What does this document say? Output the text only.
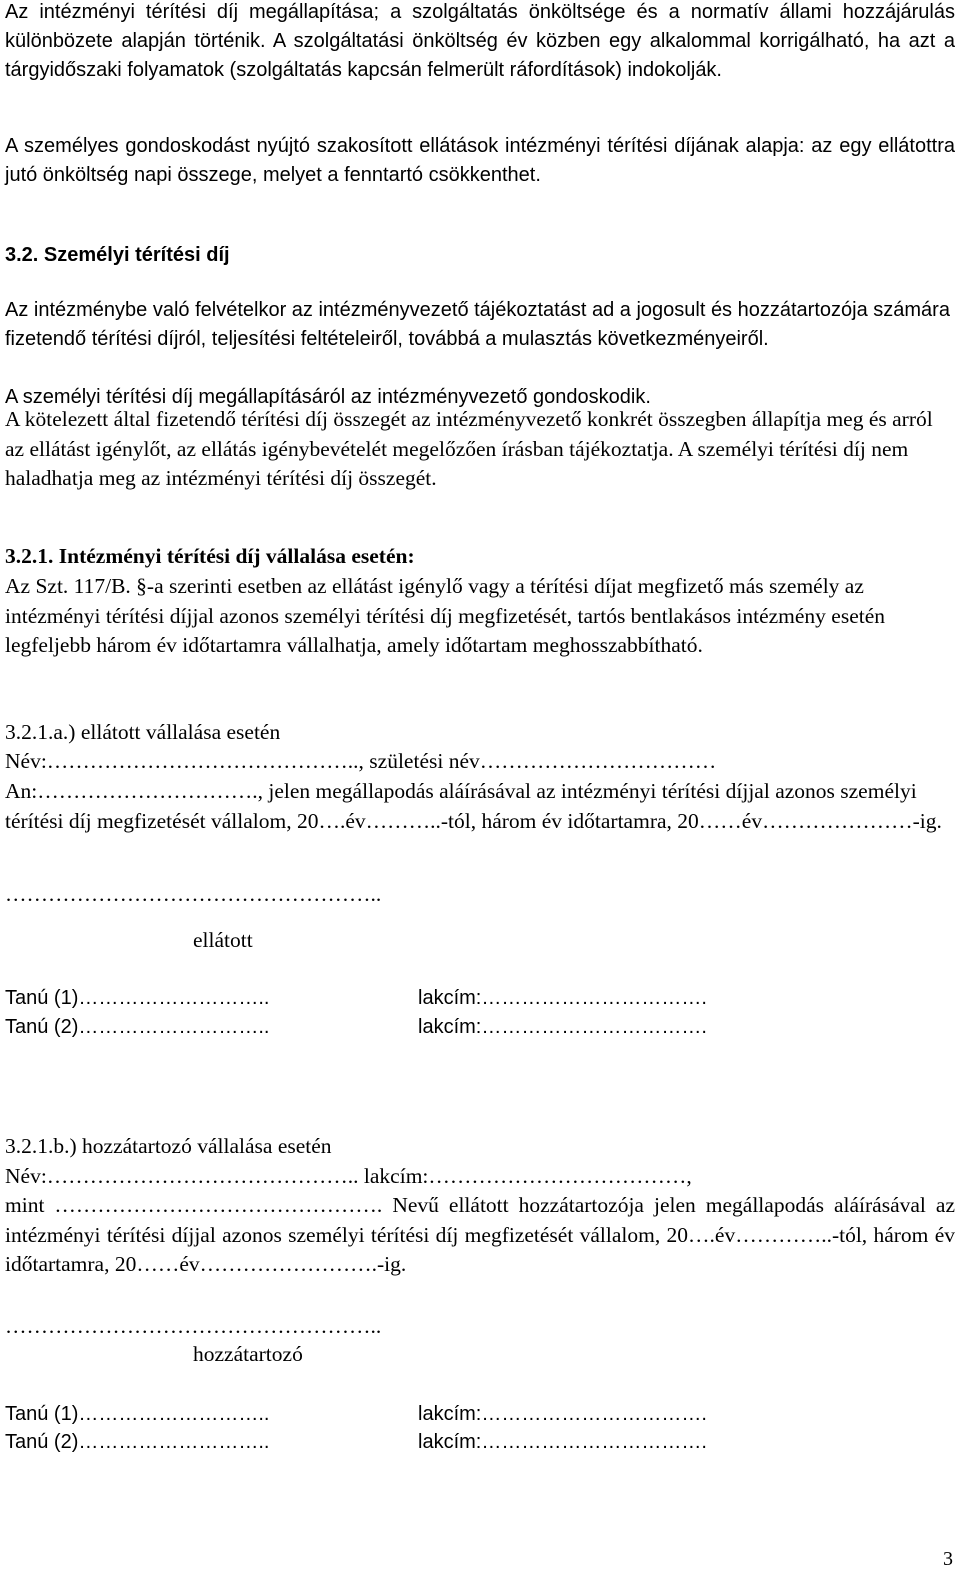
Az intézményi térítési díj megállapítása; a szolgáltatás önköltsége és a normatív állami hozzájárulás különbözete alapján történik. A szolgáltatási önköltség év közben egy alkalommal korrigálható, ha azt a tárgyidőszaki folyamatok (szolgáltatás kapcsán felmerült ráfordítások) indokolják.

A személyes gondoskodást nyújtó szakosított ellátások intézményi térítési díjának alapja: az egy ellátottra jutó önköltség napi összege, melyet a fenntartó csökkenthet.

3.2. Személyi térítési díj

Az intézménybe való felvételkor az intézményvezető tájékoztatást ad a jogosult és hozzátartozója számára fizetendő térítési díjról, teljesítési feltételeiről, továbbá a mulasztás következményeiről.

A személyi térítési díj megállapításáról az intézményvezető gondoskodik.

A kötelezett által fizetendő térítési díj összegét az intézményvezető konkrét összegben állapítja meg és arról az ellátást igénylőt, az ellátás igénybevételét megelőzően írásban tájékoztatja. A személyi térítési díj nem haladhatja meg az intézményi térítési díj összegét.

3.2.1. Intézményi térítési díj vállalása esetén:

Az Szt. 117/B. §-a szerinti esetben az ellátást igénylő vagy a térítési díjat megfizető más személy az intézményi térítési díjjal azonos személyi térítési díj megfizetését, tartós bentlakásos intézmény esetén legfeljebb három év időtartamra vállalhatja, amely időtartam meghosszabbítható.

3.2.1.a.) ellátott vállalása esetén

Név:…………………………………….., születési név……………………………

An:…………………………., jelen megállapodás aláírásával az intézményi térítési díjjal azonos személyi térítési díj megfizetését vállalom, 20….év………..-tól, három év időtartamra, 20……év…………………-ig.

……………………………………………..

ellátott

Tanú (1)………………………..	lakcím:…………………………….
Tanú (2)………………………..	lakcím:…………………………….

3.2.1.b.) hozzátartozó vállalása esetén

Név:…………………………………….. lakcím:………………………………,

mint ………………………………………. Nevű ellátott hozzátartozója jelen megállapodás aláírásával az intézményi térítési díjjal azonos személyi térítési díj megfizetését vállalom, 20….év…………..-tól, három év időtartamra, 20……év…………………….-ig.

……………………………………………..

hozzátartozó

Tanú (1)………………………..	lakcím:…………………………….
Tanú (2)………………………..	lakcím:…………………………….
3
